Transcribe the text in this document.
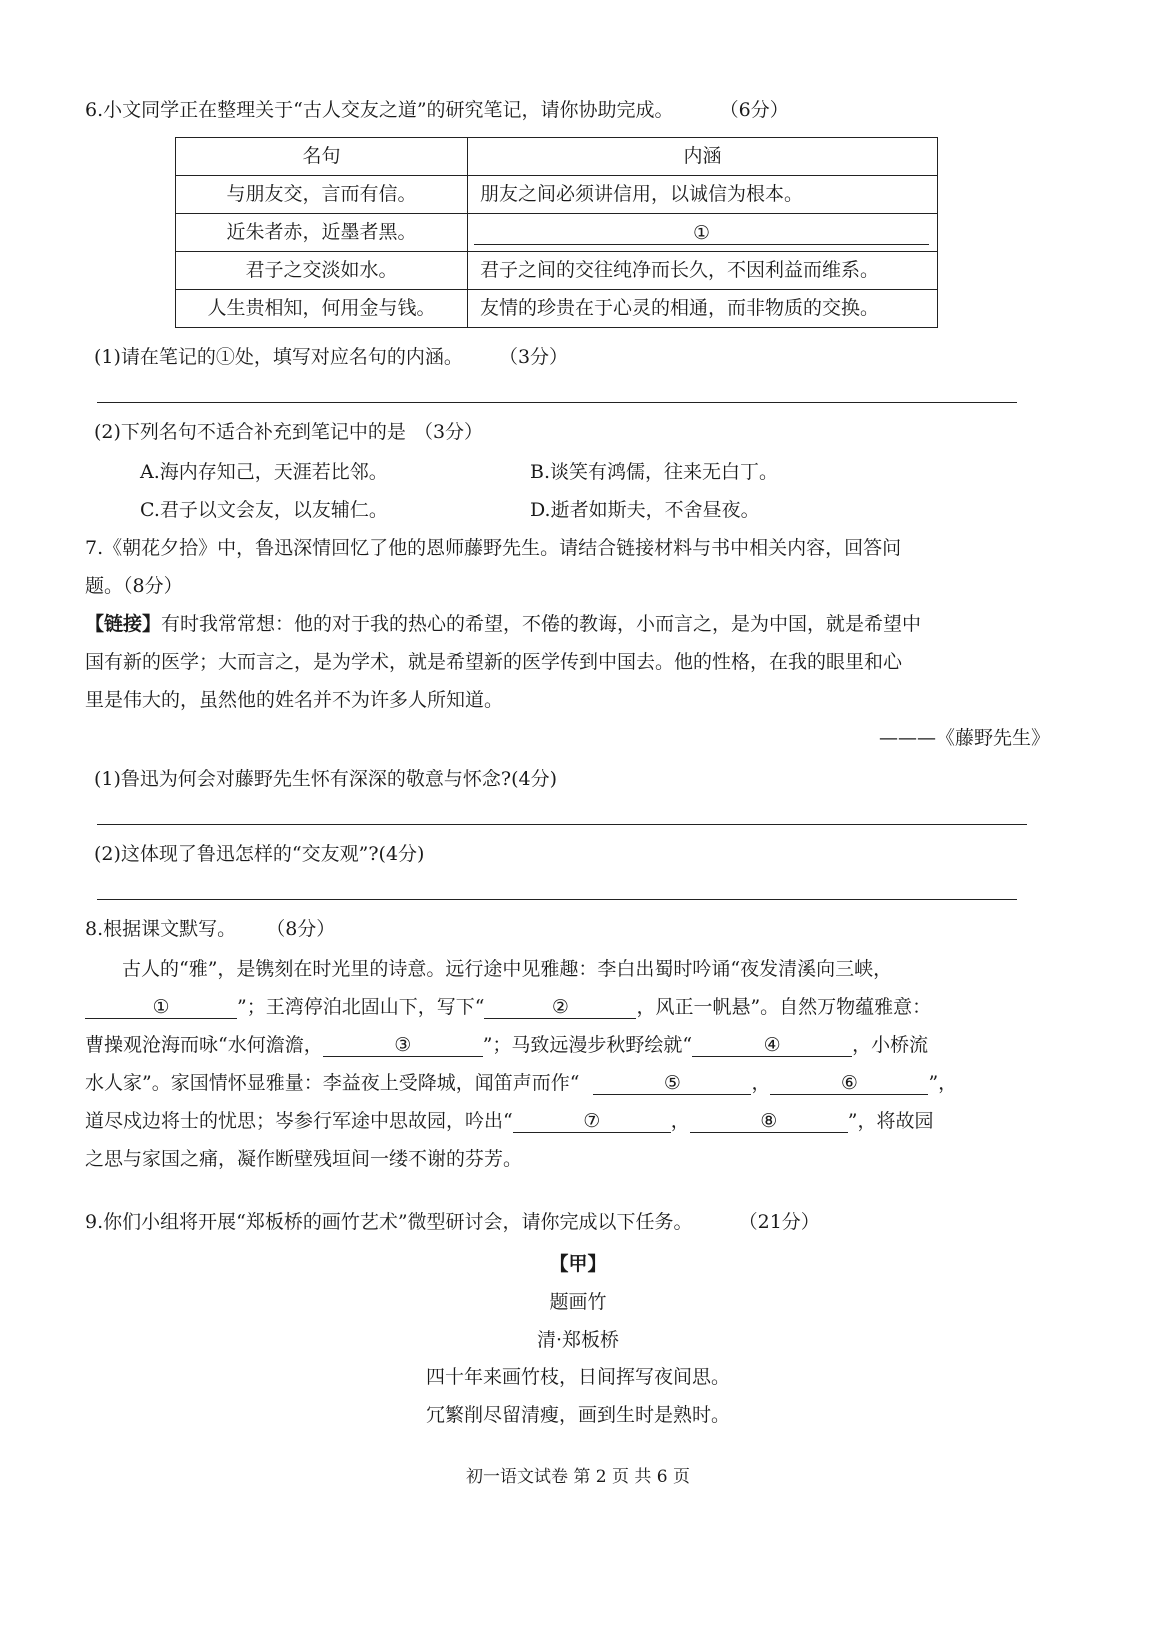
6.小文同学正在整理关于“古人交友之道”的研究笔记，请你协助完成。 （6分）
名句	内涵
与朋友交，言而有信。	朋友之间必须讲信用，以诚信为根本。
近朱者赤，近墨者黑。	①

君子之交淡如水。	君子之间的交往纯净而长久，不因利益而维系。
人生贵相知，何用金与钱。	友情的珍贵在于心灵的相通，而非物质的交换。
(1)请在笔记的①处，填写对应名句的内涵。 （3分）
(2)下列名句不适合补充到笔记中的是 （3分）
A.海内存知己，天涯若比邻。	B.谈笑有鸿儒，往来无白丁。
C.君子以文会友，以友辅仁。	D.逝者如斯夫，不舍昼夜。
7.《朝花夕拾》中，鲁迅深情回忆了他的恩师藤野先生。请结合链接材料与书中相关内容，回答问
题。（8分）
【链接】有时我常常想：他的对于我的热心的希望，不倦的教诲，小而言之，是为中国，就是希望中
国有新的医学；大而言之，是为学术，就是希望新的医学传到中国去。他的性格，在我的眼里和心
里是伟大的，虽然他的姓名并不为许多人所知道。
———《藤野先生》
(1)鲁迅为何会对藤野先生怀有深深的敬意与怀念?(4分)
(2)这体现了鲁迅怎样的“交友观”?(4分)
8.根据课文默写。 （8分）
古人的“雅”，是镌刻在时光里的诗意。远行途中见雅趣：李白出蜀时吟诵“夜发清溪向三峡，
①	”；王湾停泊北固山下，写下“	②	，风正一帆悬”。自然万物蕴雅意：
曹操观沧海而咏“水何澹澹，	③	”；马致远漫步秋野绘就“	④	，小桥流
水人家”。家国情怀显雅量：李益夜上受降城，闻笛声而作“	⑤	，	⑥	”，
道尽戍边将士的忧思；岑参行军途中思故园，吟出“	⑦	，	⑧	”，将故园
之思与家国之痛，凝作断壁残垣间一缕不谢的芬芳。
9.你们小组将开展“郑板桥的画竹艺术”微型研讨会，请你完成以下任务。 （21分）
【甲】
题画竹
清·郑板桥
四十年来画竹枝，日间挥写夜间思。
冗繁削尽留清瘦，画到生时是熟时。
初一语文试卷 第 2 页 共 6 页
